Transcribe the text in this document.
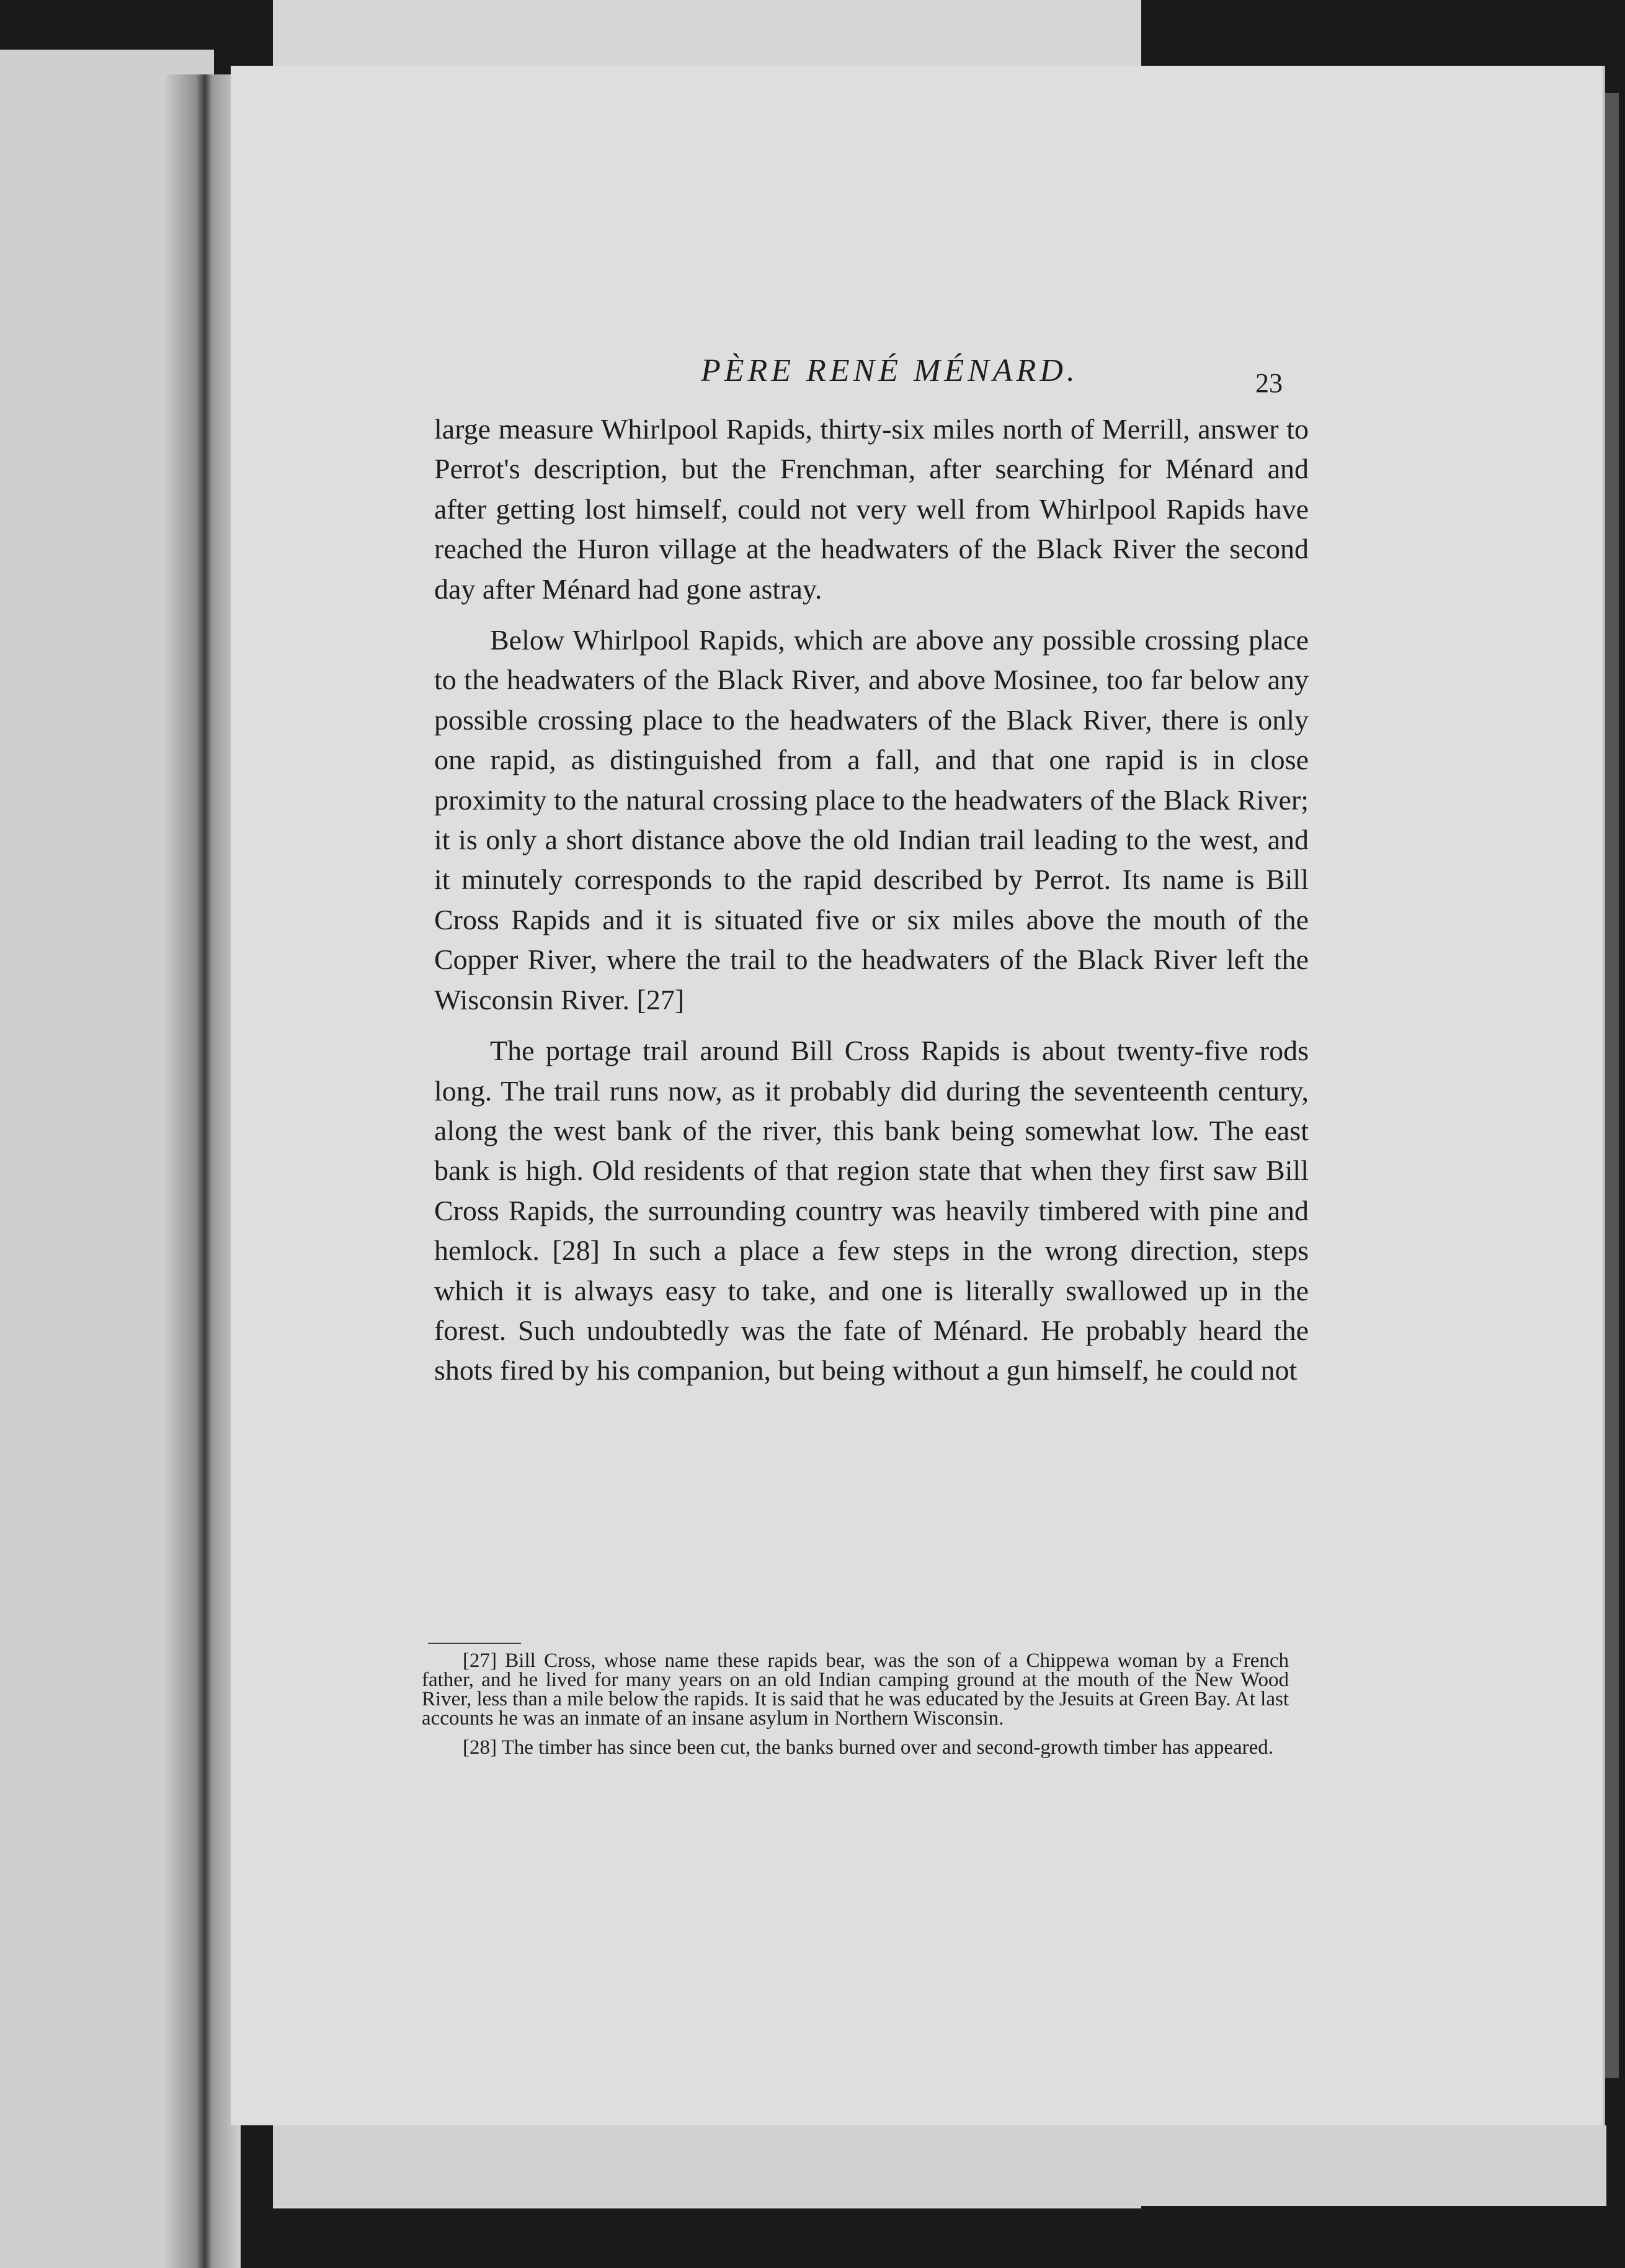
PÈRE RENÉ MÉNARD.	23

large measure Whirlpool Rapids, thirty-six miles north of Merrill, answer to Perrot's description, but the Frenchman, after searching for Ménard and after getting lost himself, could not very well from Whirlpool Rapids have reached the Huron village at the headwaters of the Black River the second day after Ménard had gone astray.

Below Whirlpool Rapids, which are above any possible crossing place to the headwaters of the Black River, and above Mosinee, too far below any possible crossing place to the headwaters of the Black River, there is only one rapid, as distinguished from a fall, and that one rapid is in close proximity to the natural crossing place to the headwaters of the Black River; it is only a short distance above the old Indian trail leading to the west, and it minutely corresponds to the rapid described by Perrot. Its name is Bill Cross Rapids and it is situated five or six miles above the mouth of the Copper River, where the trail to the headwaters of the Black River left the Wisconsin River. [27]

The portage trail around Bill Cross Rapids is about twenty-five rods long. The trail runs now, as it probably did during the seventeenth century, along the west bank of the river, this bank being somewhat low. The east bank is high. Old residents of that region state that when they first saw Bill Cross Rapids, the surrounding country was heavily timbered with pine and hemlock. [28] In such a place a few steps in the wrong direction, steps which it is always easy to take, and one is literally swallowed up in the forest. Such undoubtedly was the fate of Ménard. He probably heard the shots fired by his companion, but being without a gun himself, he could not

[27] Bill Cross, whose name these rapids bear, was the son of a Chippewa woman by a French father, and he lived for many years on an old Indian camping ground at the mouth of the New Wood River, less than a mile below the rapids. It is said that he was educated by the Jesuits at Green Bay. At last accounts he was an inmate of an insane asylum in Northern Wisconsin.

[28] The timber has since been cut, the banks burned over and second-growth timber has appeared.
